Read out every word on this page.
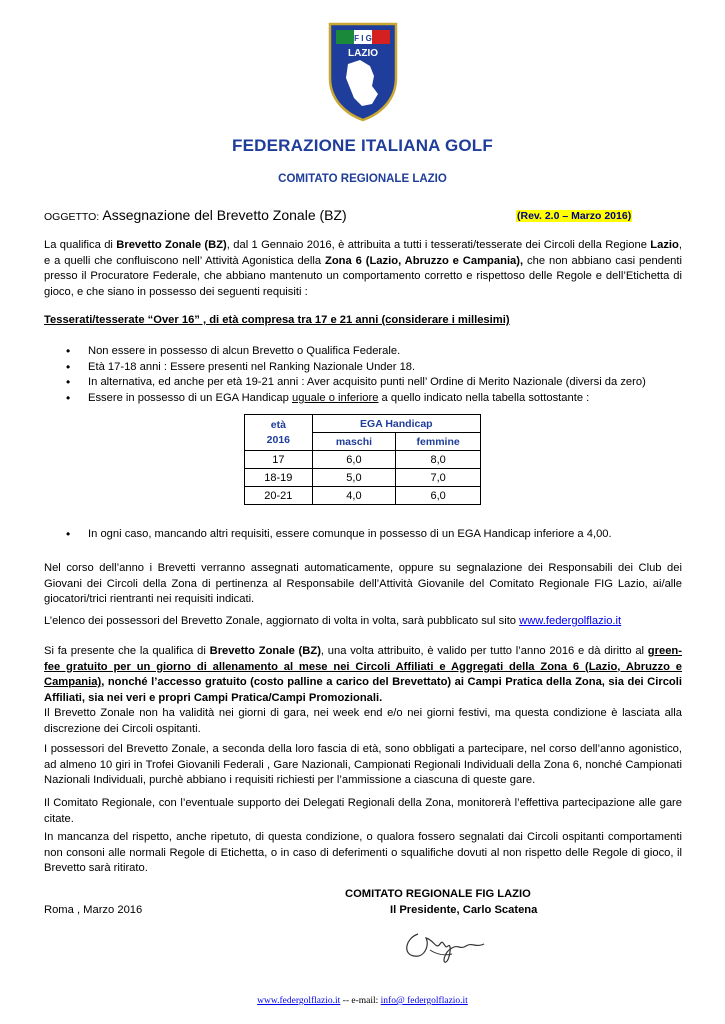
F I G
LAZIO
FEDERAZIONE ITALIANA GOLF
COMITATO REGIONALE LAZIO
OGGETTO: Assegnazione del Brevetto Zonale (BZ)	(Rev. 2.0 – Marzo 2016)
La qualifica di Brevetto Zonale (BZ), dal 1 Gennaio 2016, è attribuita a tutti i tesserati/tesserate dei Circoli della Regione Lazio, e a quelli che confluiscono nell’ Attività Agonistica della Zona 6 (Lazio, Abruzzo e Campania), che non abbiano casi pendenti presso il Procuratore Federale, che abbiano mantenuto un comportamento corretto e rispettoso delle Regole e dell’Etichetta di gioco, e che siano in possesso dei seguenti requisiti :
Tesserati/tesserate “Over 16” , di età compresa tra 17 e 21 anni (considerare i millesimi)
• Non essere in possesso di alcun Brevetto o Qualifica Federale.
• Età 17-18 anni : Essere presenti nel Ranking Nazionale Under 18.
• In alternativa, ed anche per età 19-21 anni : Aver acquisito punti nell’ Ordine di Merito Nazionale (diversi da zero)
• Essere in possesso di un EGA Handicap uguale o inferiore a quello indicato nella tabella sottostante :
età
2016	EGA Handicap	
	maschi	femmine
17	6,0	8,0
18-19	5,0	7,0
20-21	4,0	6,0
• In ogni caso, mancando altri requisiti, essere comunque in possesso di un EGA Handicap inferiore a 4,00.
Nel corso dell’anno i Brevetti verranno assegnati automaticamente, oppure su segnalazione dei Responsabili dei Club dei Giovani dei Circoli della Zona di pertinenza al Responsabile dell’Attività Giovanile del Comitato Regionale FIG Lazio, ai/alle giocatori/trici rientranti nei requisiti indicati.
L’elenco dei possessori del Brevetto Zonale, aggiornato di volta in volta, sarà pubblicato sul sito www.federgolflazio.it
Si fa presente che la qualifica di Brevetto Zonale (BZ), una volta attribuito, è valido per tutto l’anno 2016 e dà diritto al green-fee gratuito per un giorno di allenamento al mese nei Circoli Affiliati e Aggregati della Zona 6 (Lazio, Abruzzo e Campania), nonché l’accesso gratuito (costo palline a carico del Brevettato) ai Campi Pratica della Zona, sia dei Circoli Affiliati, sia nei veri e propri Campi Pratica/Campi Promozionali.
Il Brevetto Zonale non ha validità nei giorni di gara, nei week end e/o nei giorni festivi, ma questa condizione è lasciata alla discrezione dei Circoli ospitanti.
I possessori del Brevetto Zonale, a seconda della loro fascia di età, sono obbligati a partecipare, nel corso dell’anno agonistico, ad almeno 10 giri in Trofei Giovanili Federali , Gare Nazionali, Campionati Regionali Individuali della Zona 6, nonché Campionati Nazionali Individuali, purchè abbiano i requisiti richiesti per l’ammissione a ciascuna di queste gare.
Il Comitato Regionale, con l’eventuale supporto dei Delegati Regionali della Zona, monitorerà l’effettiva partecipazione alle gare citate.
In mancanza del rispetto, anche ripetuto, di questa condizione, o qualora fossero segnalati dai Circoli ospitanti comportamenti non consoni alle normali Regole di Etichetta, o in caso di deferimenti o squalifiche dovuti al non rispetto delle Regole di gioco, il Brevetto sarà ritirato.
COMITATO REGIONALE FIG LAZIO
Roma , Marzo 2016	Il Presidente, Carlo Scatena
www.federgolflazio.it -- e-mail: info@ federgolflazio.it
